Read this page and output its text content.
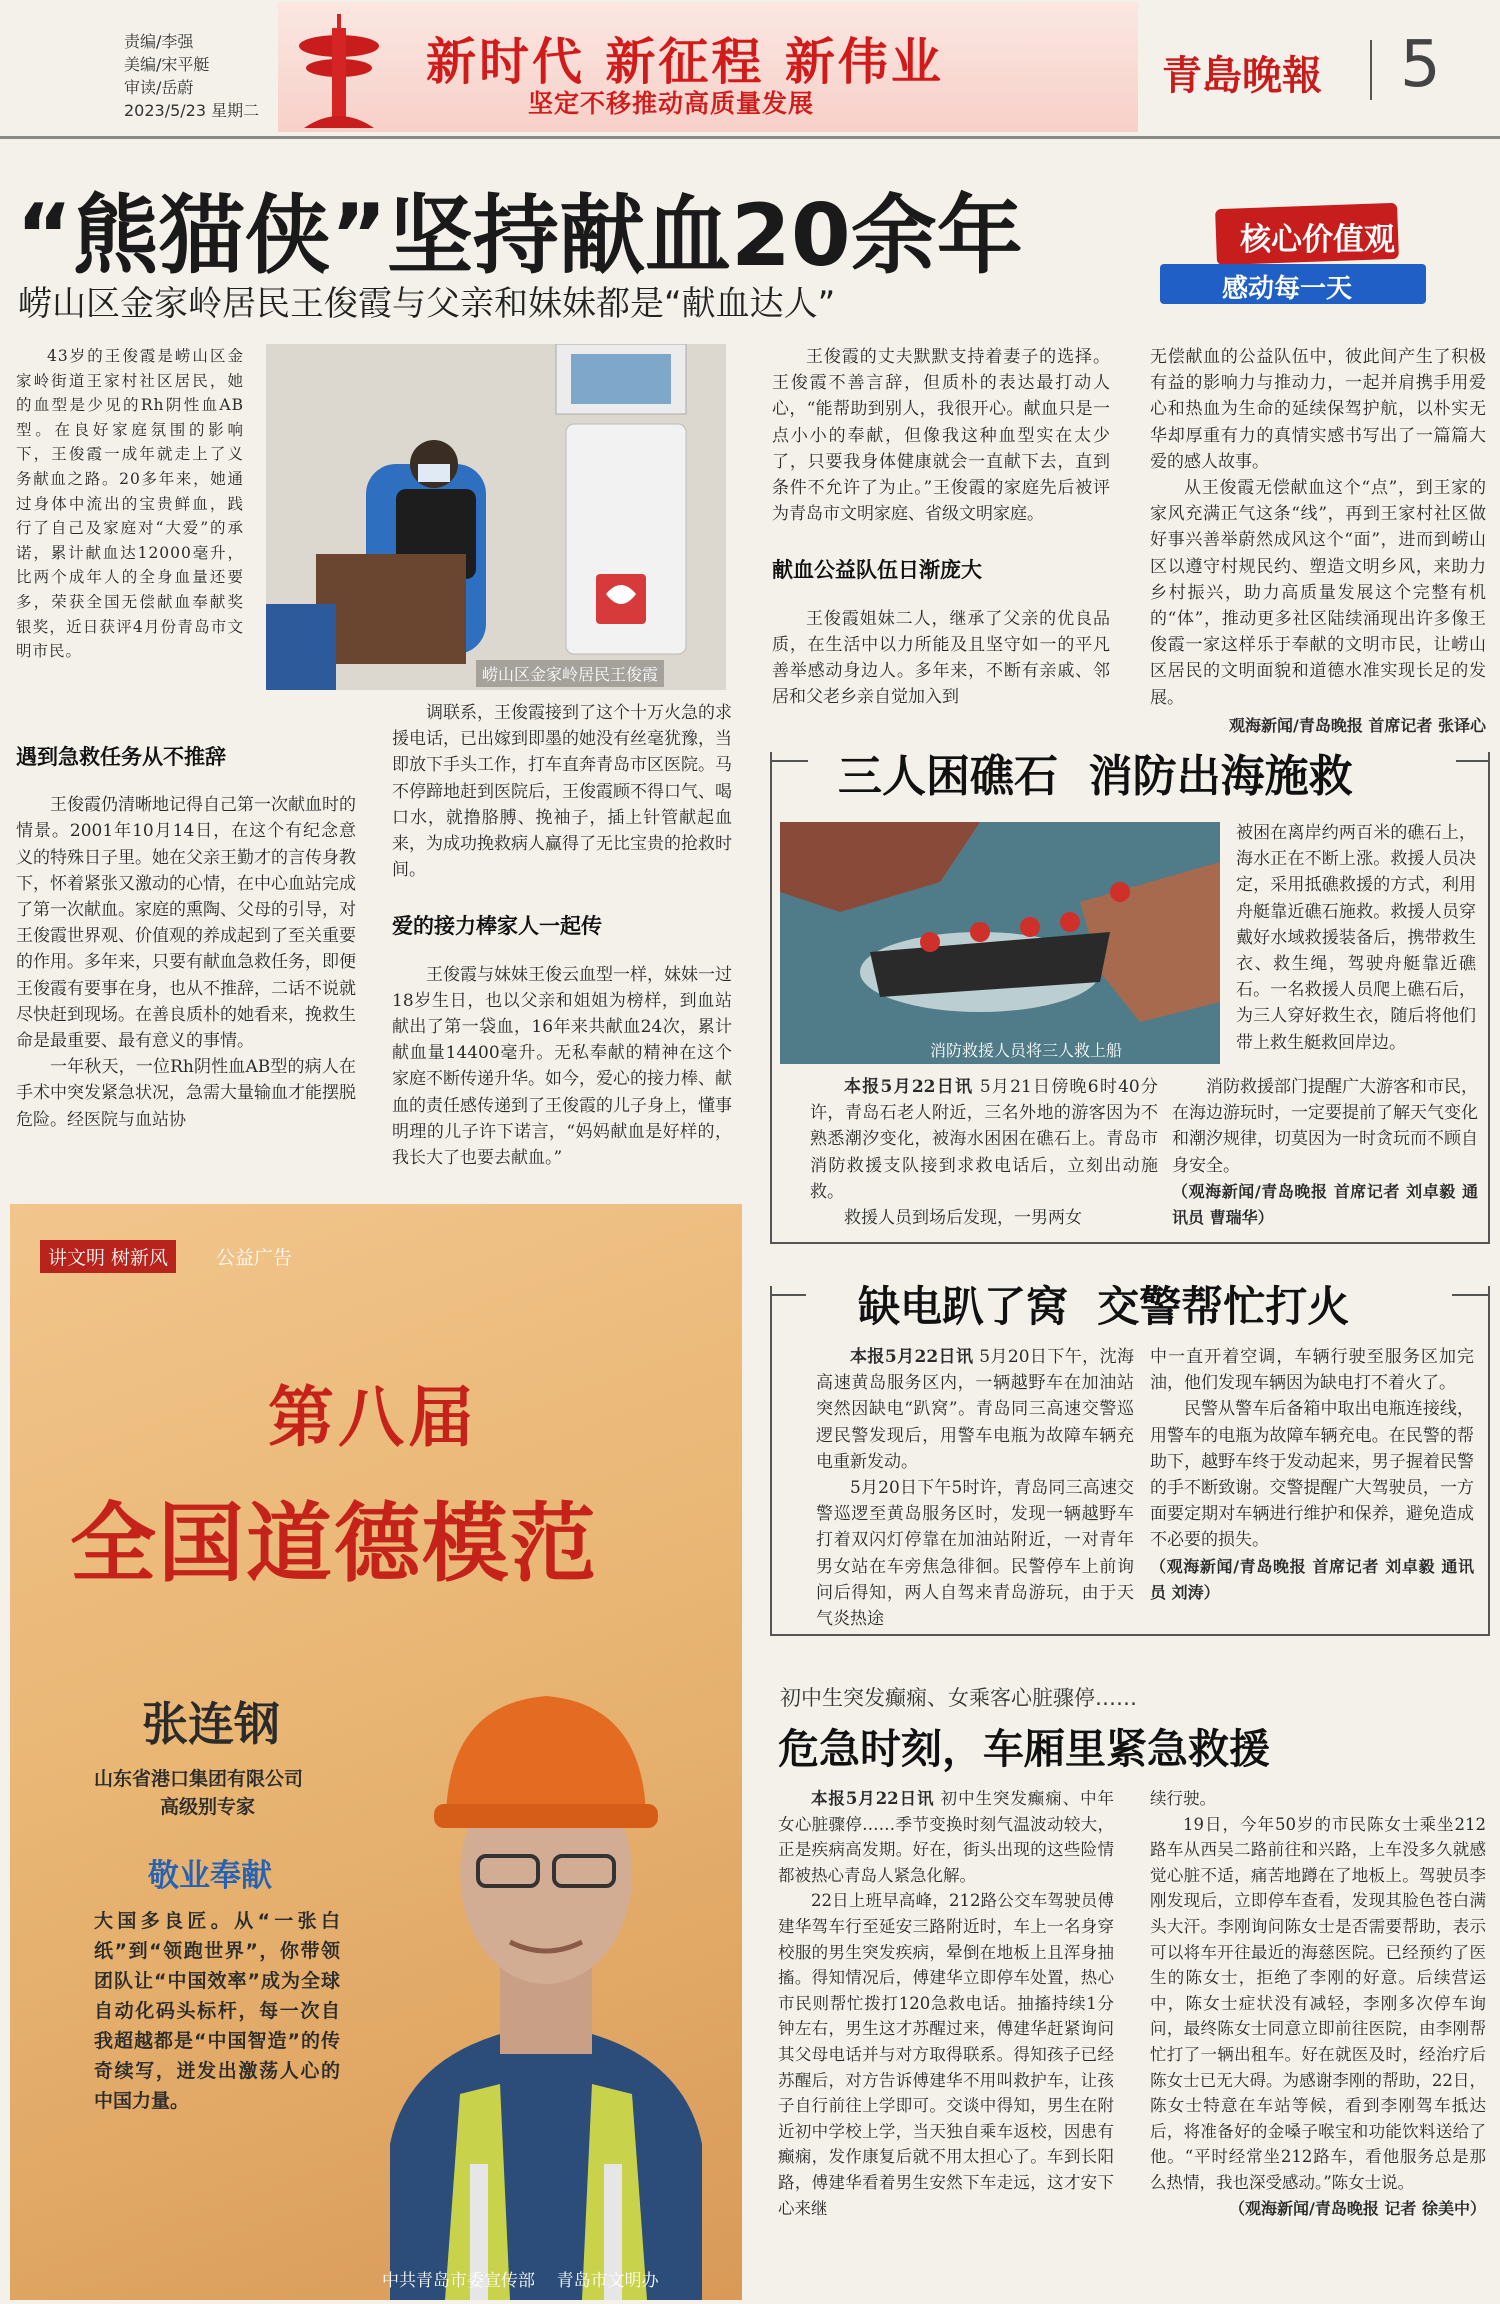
责编/李强
美编/宋平艇
审读/岳蔚
2023/5/23 星期二
新时代 新征程 新伟业
坚定不移推动高质量发展
青島晚報 5
“熊猫侠”坚持献血20余年
崂山区金家岭居民王俊霞与父亲和妹妹都是“献血达人”
核心价值观
感动每一天
崂山区金家岭居民王俊霞

43岁的王俊霞是崂山区金家岭街道王家村社区居民，她的血型是少见的Rh阴性血AB型。在良好家庭氛围的影响下，王俊霞一成年就走上了义务献血之路。20多年来，她通过身体中流出的宝贵鲜血，践行了自己及家庭对“大爱”的承诺，累计献血达12000毫升，比两个成年人的全身血量还要多，荣获全国无偿献血奉献奖银奖，近日获评4月份青岛市文明市民。

遇到急救任务从不推辞

王俊霞仍清晰地记得自己第一次献血时的情景。2001年10月14日，在这个有纪念意义的特殊日子里。她在父亲王勤才的言传身教下，怀着紧张又激动的心情，在中心血站完成了第一次献血。家庭的熏陶、父母的引导，对王俊霞世界观、价值观的养成起到了至关重要的作用。多年来，只要有献血急救任务，即便王俊霞有要事在身，也从不推辞，二话不说就尽快赶到现场。在善良质朴的她看来，挽救生命是最重要、最有意义的事情。

一年秋天，一位Rh阴性血AB型的病人在手术中突发紧急状况，急需大量输血才能摆脱危险。经医院与血站协

调联系，王俊霞接到了这个十万火急的求援电话，已出嫁到即墨的她没有丝毫犹豫，当即放下手头工作，打车直奔青岛市区医院。马不停蹄地赶到医院后，王俊霞顾不得口气、喝口水，就撸胳膊、挽袖子，插上针管献起血来，为成功挽救病人赢得了无比宝贵的抢救时间。

爱的接力棒家人一起传

王俊霞与妹妹王俊云血型一样，妹妹一过18岁生日，也以父亲和姐姐为榜样，到血站献出了第一袋血，16年来共献血24次，累计献血量14400毫升。无私奉献的精神在这个家庭不断传递升华。如今，爱心的接力棒、献血的责任感传递到了王俊霞的儿子身上，懂事明理的儿子许下诺言，“妈妈献血是好样的，我长大了也要去献血。”

王俊霞的丈夫默默支持着妻子的选择。王俊霞不善言辞，但质朴的表达最打动人心，“能帮助到别人，我很开心。献血只是一点小小的奉献，但像我这种血型实在太少了，只要我身体健康就会一直献下去，直到条件不允许了为止。”王俊霞的家庭先后被评为青岛市文明家庭、省级文明家庭。

献血公益队伍日渐庞大

王俊霞姐妹二人，继承了父亲的优良品质，在生活中以力所能及且坚守如一的平凡善举感动身边人。多年来，不断有亲戚、邻居和父老乡亲自觉加入到

无偿献血的公益队伍中，彼此间产生了积极有益的影响力与推动力，一起并肩携手用爱心和热血为生命的延续保驾护航，以朴实无华却厚重有力的真情实感书写出了一篇篇大爱的感人故事。

从王俊霞无偿献血这个“点”，到王家的家风充满正气这条“线”，再到王家村社区做好事兴善举蔚然成风这个“面”，进而到崂山区以遵守村规民约、塑造文明乡风，来助力乡村振兴，助力高质量发展这个完整有机的“体”，推动更多社区陆续涌现出许多像王俊霞一家这样乐于奉献的文明市民，让崂山区居民的文明面貌和道德水准实现长足的发展。

观海新闻/青岛晚报 首席记者 张译心

讲文明 树新风	公益广告
第八届
全国道德模范
张连钢
山东省港口集团有限公司
高级别专家
敬业奉献
大国多良匠。从“一张白纸”到“领跑世界”，你带领团队让“中国效率”成为全球自动化码头标杆，每一次自我超越都是“中国智造”的传奇续写，迸发出激荡人心的中国力量。
中共青岛市委宣传部    青岛市文明办
三人困礁石  消防出海施救
消防救援人员将三人救上船

被困在离岸约两百米的礁石上，海水正在不断上涨。救援人员决定，采用抵礁救援的方式，利用舟艇靠近礁石施救。救援人员穿戴好水域救援装备后，携带救生衣、救生绳，驾驶舟艇靠近礁石。一名救援人员爬上礁石后，为三人穿好救生衣，随后将他们带上救生艇救回岸边。

本报5月22日讯 5月21日傍晚6时40分许，青岛石老人附近，三名外地的游客因为不熟悉潮汐变化，被海水困困在礁石上。青岛市消防救援支队接到求救电话后，立刻出动施救。

救援人员到场后发现，一男两女

消防救援部门提醒广大游客和市民，在海边游玩时，一定要提前了解天气变化和潮汐规律，切莫因为一时贪玩而不顾自身安全。

（观海新闻/青岛晚报 首席记者 刘卓毅 通讯员 曹瑞华）

缺电趴了窝  交警帮忙打火

本报5月22日讯 5月20日下午，沈海高速黄岛服务区内，一辆越野车在加油站突然因缺电“趴窝”。青岛同三高速交警巡逻民警发现后，用警车电瓶为故障车辆充电重新发动。

5月20日下午5时许，青岛同三高速交警巡逻至黄岛服务区时，发现一辆越野车打着双闪灯停靠在加油站附近，一对青年男女站在车旁焦急徘徊。民警停车上前询问后得知，两人自驾来青岛游玩，由于天气炎热途

中一直开着空调，车辆行驶至服务区加完油，他们发现车辆因为缺电打不着火了。

民警从警车后备箱中取出电瓶连接线，用警车的电瓶为故障车辆充电。在民警的帮助下，越野车终于发动起来，男子握着民警的手不断致谢。交警提醒广大驾驶员，一方面要定期对车辆进行维护和保养，避免造成不必要的损失。

（观海新闻/青岛晚报 首席记者 刘卓毅 通讯员 刘涛）

初中生突发癫痫、女乘客心脏骤停……
危急时刻，车厢里紧急救援

本报5月22日讯 初中生突发癫痫、中年女心脏骤停……季节变换时刻气温波动较大，正是疾病高发期。好在，街头出现的这些险情都被热心青岛人紧急化解。

22日上班早高峰，212路公交车驾驶员傅建华驾车行至延安三路附近时，车上一名身穿校服的男生突发疾病，晕倒在地板上且浑身抽搐。得知情况后，傅建华立即停车处置，热心市民则帮忙拨打120急救电话。抽搐持续1分钟左右，男生这才苏醒过来，傅建华赶紧询问其父母电话并与对方取得联系。得知孩子已经苏醒后，对方告诉傅建华不用叫救护车，让孩子自行前往上学即可。交谈中得知，男生在附近初中学校上学，当天独自乘车返校，因患有癫痫，发作康复后就不用太担心了。车到长阳路，傅建华看着男生安然下车走远，这才安下心来继

续行驶。

19日，今年50岁的市民陈女士乘坐212路车从西吴二路前往和兴路，上车没多久就感觉心脏不适，痛苦地蹲在了地板上。驾驶员李刚发现后，立即停车查看，发现其脸色苍白满头大汗。李刚询问陈女士是否需要帮助，表示可以将车开往最近的海慈医院。已经预约了医生的陈女士，拒绝了李刚的好意。后续营运中，陈女士症状没有减轻，李刚多次停车询问，最终陈女士同意立即前往医院，由李刚帮忙打了一辆出租车。好在就医及时，经治疗后陈女士已无大碍。为感谢李刚的帮助，22日，陈女士特意在车站等候，看到李刚驾车抵达后，将准备好的金嗓子喉宝和功能饮料送给了他。“平时经常坐212路车，看他服务总是那么热情，我也深受感动。”陈女士说。

（观海新闻/青岛晚报 记者 徐美中）
